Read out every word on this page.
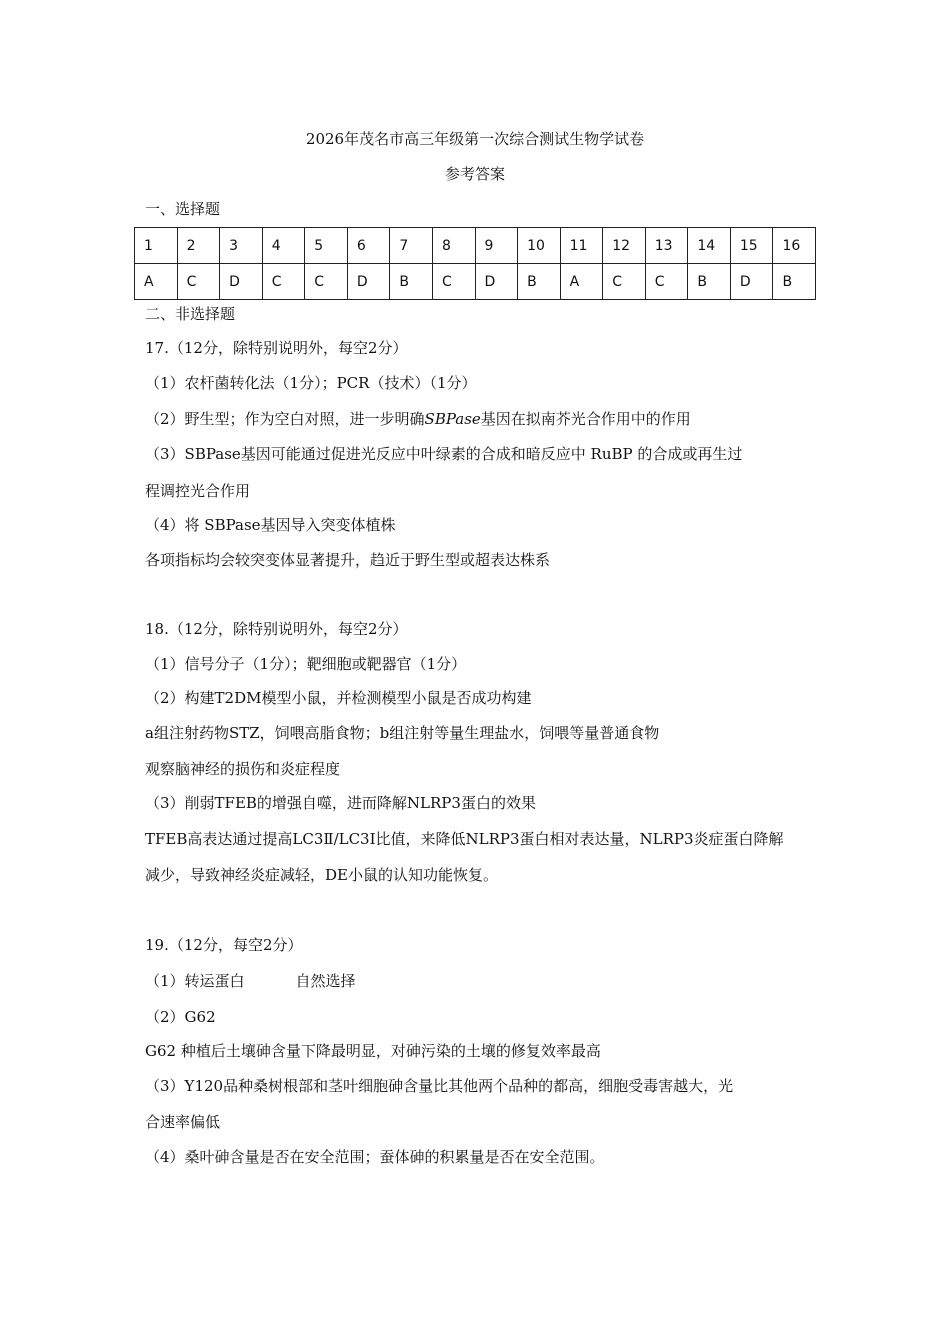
2026年茂名市高三年级第一次综合测试生物学试卷
参考答案
一、选择题
1	2	3	4	5	6	7	8	9	10	11	12	13	14	15	16
A	C	D	C	C	D	B	C	D	B	A	C	C	B	D	B
二、非选择题
17.（12分，除特别说明外，每空2分）
（1）农杆菌转化法（1分）；PCR（技术）（1分）
（2）野生型；作为空白对照，进一步明确SBPase基因在拟南芥光合作用中的作用
（3）SBPase基因可能通过促进光反应中叶绿素的合成和暗反应中 RuBP 的合成或再生过
程调控光合作用
（4）将 SBPase基因导入突变体植株
各项指标均会较突变体显著提升，趋近于野生型或超表达株系
18.（12分，除特别说明外，每空2分）
（1）信号分子（1分）；靶细胞或靶器官（1分）
（2）构建T2DM模型小鼠，并检测模型小鼠是否成功构建
a组注射药物STZ，饲喂高脂食物；b组注射等量生理盐水，饲喂等量普通食物
观察脑神经的损伤和炎症程度
（3）削弱TFEB的增强自噬，进而降解NLRP3蛋白的效果
TFEB高表达通过提高LC3Ⅱ/LC3Ⅰ比值，来降低NLRP3蛋白相对表达量，NLRP3炎症蛋白降解
减少，导致神经炎症减轻，DE小鼠的认知功能恢复。
19.（12分，每空2分）
（1）转运蛋白	自然选择
（2）G62
G62 种植后土壤砷含量下降最明显，对砷污染的土壤的修复效率最高
（3）Y120品种桑树根部和茎叶细胞砷含量比其他两个品种的都高，细胞受毒害越大，光
合速率偏低
（4）桑叶砷含量是否在安全范围；蚕体砷的积累量是否在安全范围。
